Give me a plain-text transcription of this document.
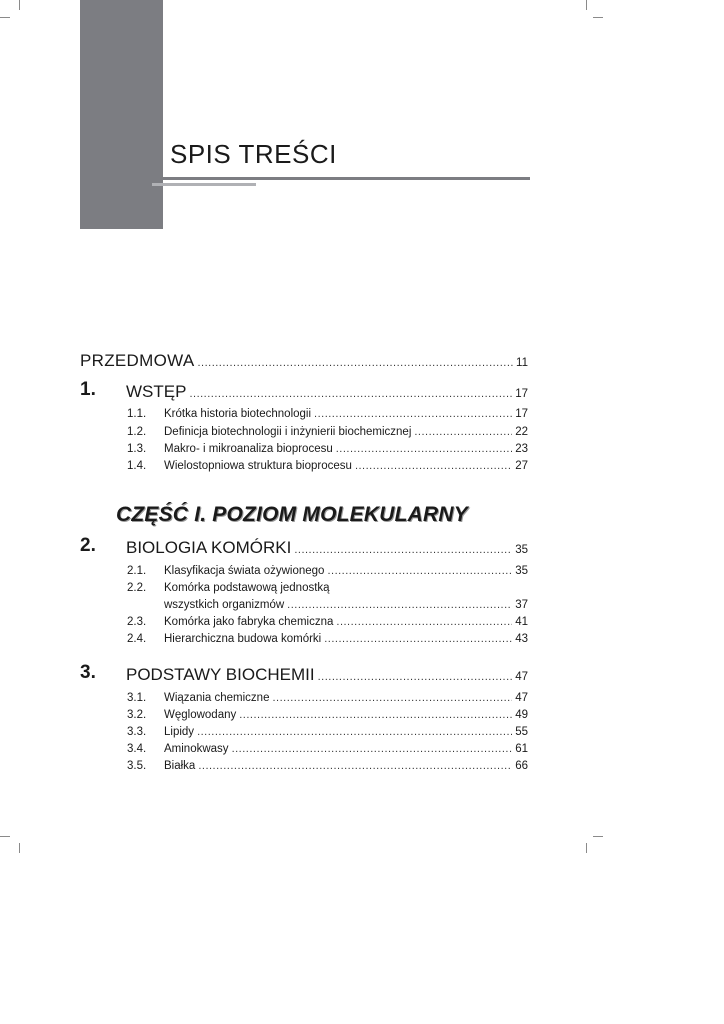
SPIS TREŚCI
PRZEDMOWA .....	11
1. WSTĘP .....	17
1.1.	Krótka historia biotechnologii .....	17
1.2.	Definicja biotechnologii i inżynierii biochemicznej .....	22
1.3.	Makro- i mikroanaliza bioprocesu .....	23
1.4.	Wielostopniowa struktura bioprocesu .....	27
CZĘŚĆ I. POZIOM MOLEKULARNY
2. BIOLOGIA KOMÓRKI .....	35
2.1.	Klasyfikacja świata ożywionego .....	35
2.2.	Komórka podstawową jednostką
wszystkich organizmów .....	37
2.3.	Komórka jako fabryka chemiczna .....	41
2.4.	Hierarchiczna budowa komórki .....	43
3. PODSTAWY BIOCHEMII .....	47
3.1.	Wiązania chemiczne .....	47
3.2.	Węglowodany .....	49
3.3.	Lipidy .....	55
3.4.	Aminokwasy .....	61
3.5.	Białka .....	66
